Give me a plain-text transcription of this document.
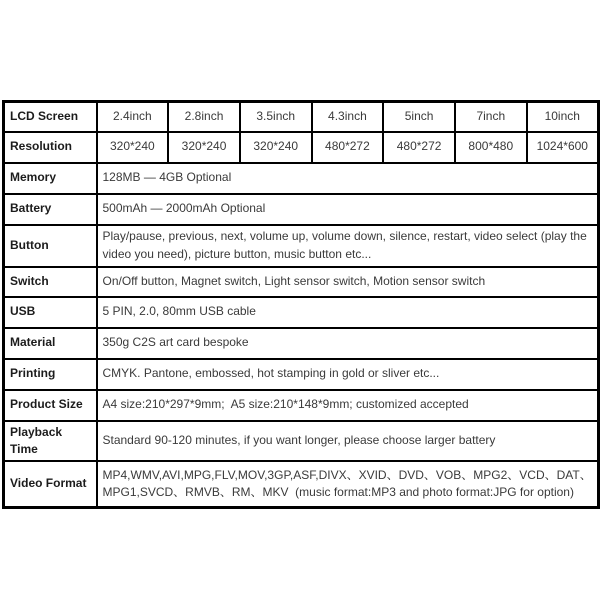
LCD Screen	2.4inch	2.8inch	3.5inch	4.3inch	5inch	7inch	10inch
Resolution	320*240	320*240	320*240	480*272	480*272	800*480	1024*600
Memory	128MB — 4GB Optional						
Battery	500mAh — 2000mAh Optional						
Button	Play/pause, previous, next, volume up, volume down, silence, restart, video select (play the video you need), picture button, music button etc...						
Switch	On/Off button, Magnet switch, Light sensor switch, Motion sensor switch						
USB	5 PIN, 2.0, 80mm USB cable						
Material	350g C2S art card bespoke						
Printing	CMYK. Pantone, embossed, hot stamping in gold or sliver etc...						
Product Size	A4 size:210*297*9mm;  A5 size:210*148*9mm; customized accepted						
Playback Time	Standard 90-120 minutes, if you want longer, please choose larger battery						
Video Format	MP4,WMV,AVI,MPG,FLV,MOV,3GP,ASF,DIVX、XVID、DVD、VOB、MPG2、VCD、DAT、MPG1,SVCD、RMVB、RM、MKV  (music format:MP3 and photo format:JPG for option)						
